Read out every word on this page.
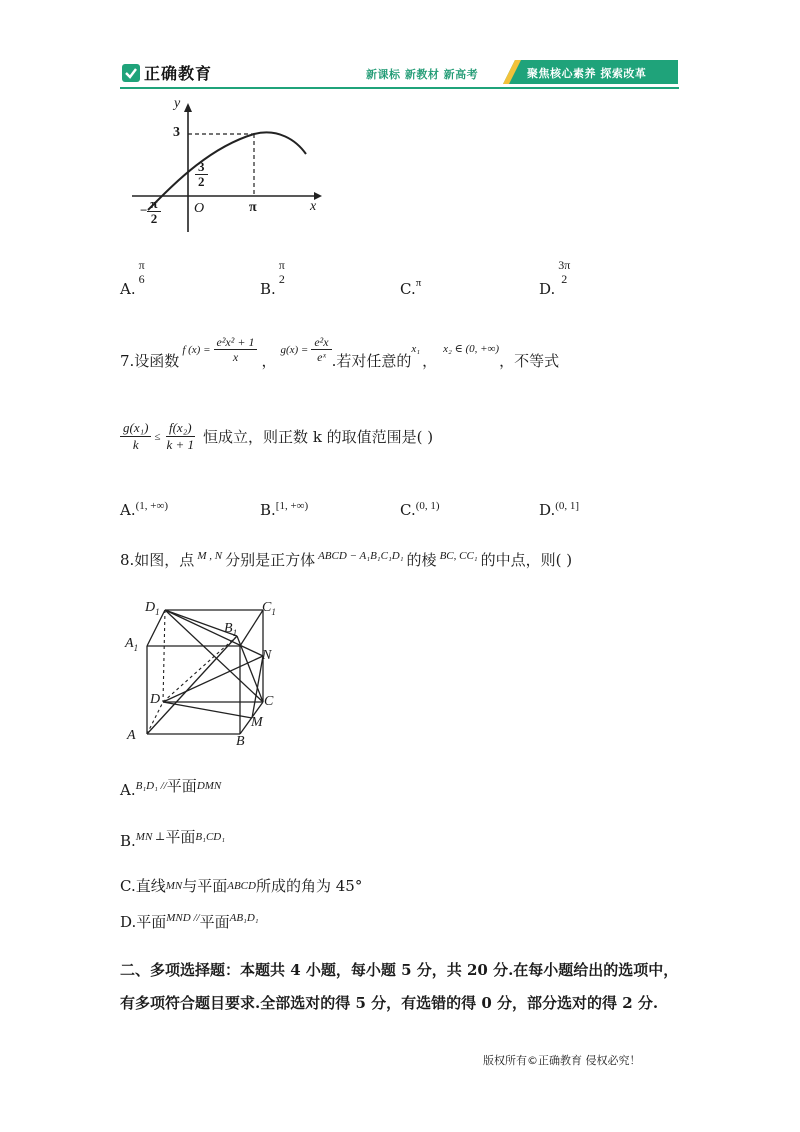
正确教育	新课标 新教材 新高考	聚焦核心素养 探索改革
y
3
$\frac{3}{2}$
− $\frac{\pi}{2}$ O	π	x
A.
π
6
B.
π
2
C.$^\pi$	D.
3π
2
7.设函数
f $(x) = \frac{\text{e²x² + 1}}{x}$ ，
$g(x) = \frac{\text{e²x}}{\text{eˣ}}$ .若对任意的
x₁
，
x₂ ∈ (0, +∞)
，不等式
$\frac{\text{g(x₁)}}{k} \le \frac{\text{f(x₂)}}{k + 1}$ 恒成立，则正数 k 的取值范围是( )
A.(1, +∞)	B.[1, +∞)	C.(0, 1)	D.(0, 1]
8.如图，点 M , N 分别是正方体 ABCD − A₁B₁C₁D₁ 的棱 BC, CC₁ 的中点，则( )
$D_1$	$C_1$
$A_1$
$B_1$
N
D	C
M
A	B
A.B₁D₁ //平面DMN
B.MN ⊥平面B₁CD₁
C.直线MN与平面ABCD所成的角为 45°
D.平面MND //平面AB₁D₁
二、多项选择题：本题共 4 小题，每小题 5 分，共 20 分.在每小题给出的选项中，
有多项符合题目要求.全部选对的得 5 分，有选错的得 0 分，部分选对的得 2 分.
版权所有©正确教育 侵权必究！
